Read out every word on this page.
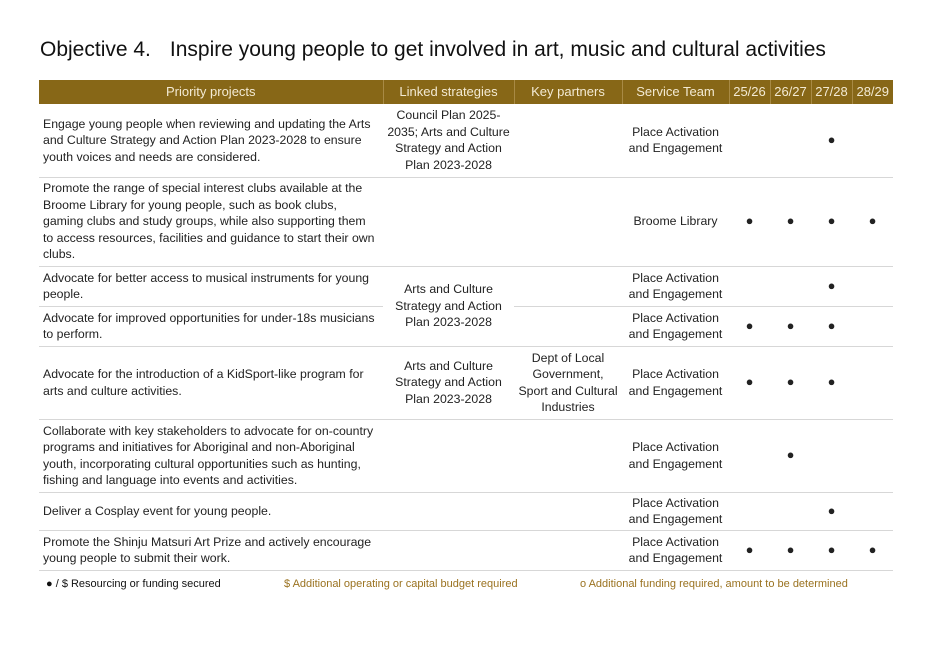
Objective 4. Inspire young people to get involved in art, music and cultural activities
Priority projects	Linked strategies	Key partners	Service Team	25/26	26/27	27/28	28/29
Engage young people when reviewing and updating the Arts and Culture Strategy and Action Plan 2023-2028 to ensure youth voices and needs are considered.	Council Plan 2025-2035; Arts and Culture Strategy and Action Plan 2023-2028		Place Activation and Engagement			●	
Promote the range of special interest clubs available at the Broome Library for young people, such as book clubs, gaming clubs and study groups, while also supporting them to access resources, facilities and guidance to start their own clubs.			Broome Library	●	●	●	●
Advocate for better access to musical instruments for young people.	Arts and Culture Strategy and Action Plan 2023-2028		Place Activation and Engagement			●	
Advocate for improved opportunities for under-18s musicians to perform.			Place Activation and Engagement	●	●	●	
Advocate for the introduction of a KidSport-like program for arts and culture activities.	Arts and Culture Strategy and Action Plan 2023-2028	Dept of Local Government, Sport and Cultural Industries	Place Activation and Engagement	●	●	●	
Collaborate with key stakeholders to advocate for on-country programs and initiatives for Aboriginal and non-Aboriginal youth, incorporating cultural opportunities such as hunting, fishing and language into events and activities.			Place Activation and Engagement		●		
Deliver a Cosplay event for young people.			Place Activation and Engagement			●	
Promote the Shinju Matsuri Art Prize and actively encourage young people to submit their work.			Place Activation and Engagement	●	●	●	●
● / $ Resourcing or funding secured	$ Additional operating or capital budget required	o Additional funding required, amount to be determined
